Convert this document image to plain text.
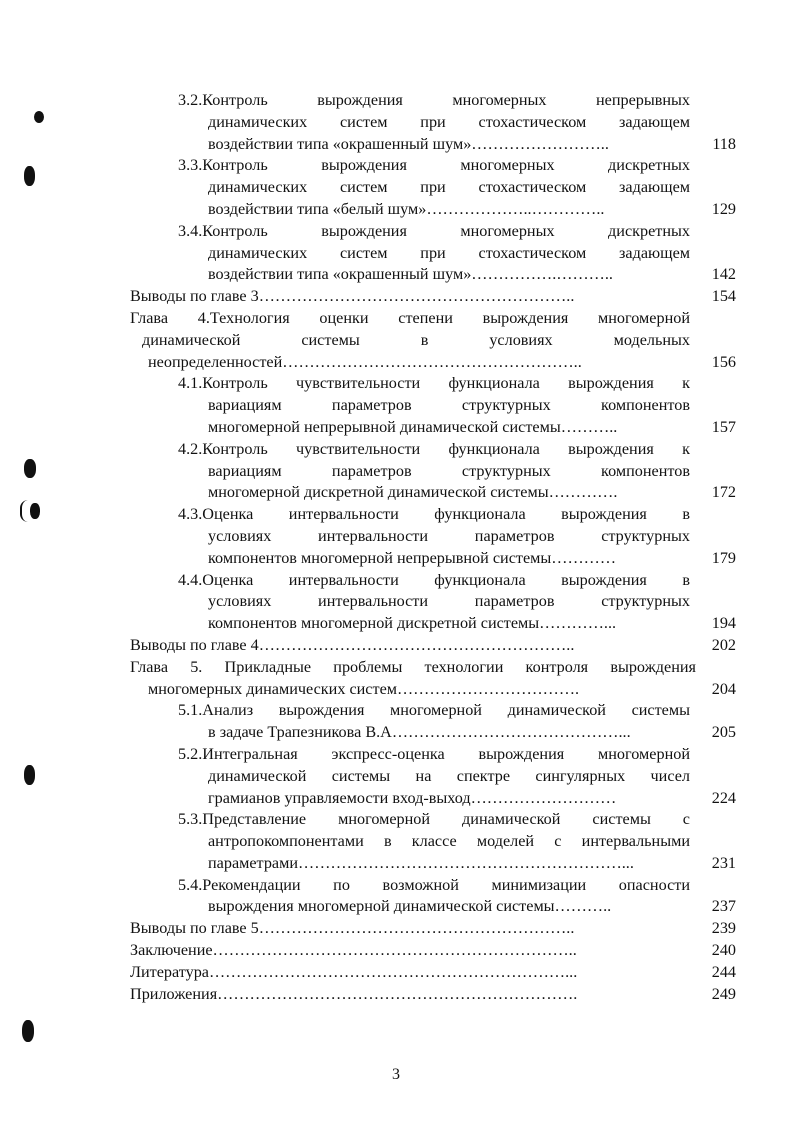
3.2.Контроль вырождения многомерных непрерывных
динамических систем при стохастическом задающем
воздействии типа «окрашенный шум»……………………..	118
3.3.Контроль вырождения многомерных дискретных
динамических систем при стохастическом задающем
воздействии типа «белый шум»………………..…………..	129
3.4.Контроль вырождения многомерных дискретных
динамических систем при стохастическом задающем
воздействии типа «окрашенный шум»…………….………..	142
Выводы по главе 3…………………………………………………..	154
Глава 4.Технология оценки степени вырождения многомерной
динамической системы в условиях модельных
неопределенностей………………………………………………..	156
4.1.Контроль чувствительности функционала вырождения к
вариациям параметров структурных компонентов
многомерной непрерывной динамической системы………..	157
4.2.Контроль чувствительности функционала вырождения к
вариациям параметров структурных компонентов
многомерной дискретной динамической системы………….	172
4.3.Оценка интервальности функционала вырождения в
условиях интервальности параметров структурных
компонентов многомерной непрерывной системы…………	179
4.4.Оценка интервальности функционала вырождения в
условиях интервальности параметров структурных
компонентов многомерной дискретной системы…………...	194
Выводы по главе 4…………………………………………………..	202
Глава 5. Прикладные проблемы технологии контроля вырождения
многомерных динамических систем…………………………….	204
5.1.Анализ вырождения многомерной динамической системы
в задаче Трапезникова В.А……………………………………...	205
5.2.Интегральная экспресс-оценка вырождения многомерной
динамической системы на спектре сингулярных чисел
грамианов управляемости вход-выход………………………	224
5.3.Представление многомерной динамической системы с
антропокомпонентами в классе моделей с интервальными
параметрами……………………………………………………...	231
5.4.Рекомендации по возможной минимизации опасности
вырождения многомерной динамической системы………..	237
Выводы по главе 5…………………………………………………..	239
Заключение…………………………………………………………..	240
Литература…………………………………………………………...	244
Приложения………………………………………………………….	249
3
